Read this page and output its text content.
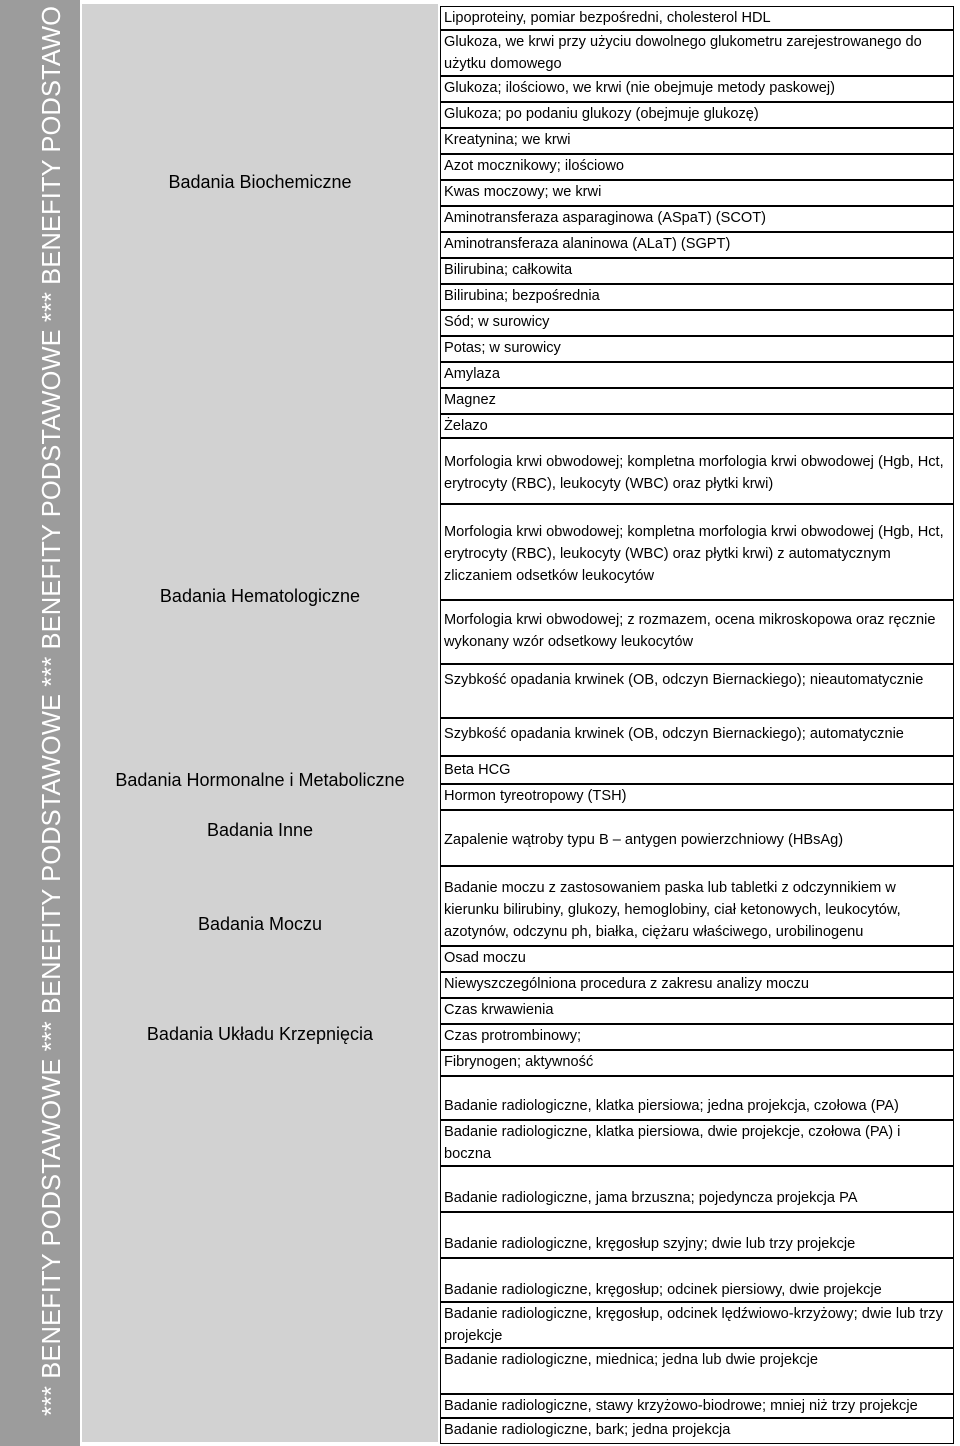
*** BENEFITY PODSTAWOWE *** BENEFITY PODSTAWOWE *** BENEFITY PODSTAWOWE *** BENEFITY PODSTAWO	Badania Biochemiczne
Badania Hematologiczne
Badania Hormonalne i Metaboliczne
Badania Inne
Badania Moczu
Badania Układu Krzepnięcia
Lipoproteiny, pomiar bezpośredni, cholesterol HDL
Glukoza, we krwi przy użyciu dowolnego glukometru zarejestrowanego do użytku domowego
Glukoza; ilościowo, we krwi (nie obejmuje metody paskowej)
Glukoza; po podaniu glukozy (obejmuje glukozę)
Kreatynina; we krwi
Azot mocznikowy; ilościowo
Kwas moczowy; we krwi
Aminotransferaza asparaginowa (ASpaT) (SCOT)
Aminotransferaza alaninowa (ALaT) (SGPT)
Bilirubina; całkowita
Bilirubina; bezpośrednia
Sód; w surowicy
Potas; w surowicy
Amylaza
Magnez
Żelazo
Morfologia krwi obwodowej; kompletna morfologia krwi obwodowej (Hgb, Hct, erytrocyty (RBC), leukocyty (WBC) oraz płytki krwi)
Morfologia krwi obwodowej; kompletna morfologia krwi obwodowej (Hgb, Hct, erytrocyty (RBC), leukocyty (WBC) oraz płytki krwi) z automatycznym zliczaniem odsetków leukocytów
Morfologia krwi obwodowej; z rozmazem, ocena mikroskopowa oraz ręcznie wykonany wzór odsetkowy leukocytów
Szybkość opadania krwinek (OB, odczyn Biernackiego); nieautomatycznie
Szybkość opadania krwinek (OB, odczyn Biernackiego); automatycznie
Beta HCG
Hormon tyreotropowy (TSH)
Zapalenie wątroby typu B – antygen powierzchniowy (HBsAg)
Badanie moczu z zastosowaniem paska lub tabletki z odczynnikiem w kierunku bilirubiny, glukozy, hemoglobiny, ciał ketonowych, leukocytów, azotynów, odczynu ph, białka, ciężaru właściwego, urobilinogenu
Osad moczu
Niewyszczególniona procedura z zakresu analizy moczu
Czas krwawienia
Czas protrombinowy;
Fibrynogen; aktywność
Badanie radiologiczne, klatka piersiowa; jedna projekcja, czołowa (PA)
Badanie radiologiczne, klatka piersiowa, dwie projekcje, czołowa (PA) i boczna
Badanie radiologiczne, jama brzuszna; pojedyncza projekcja PA
Badanie radiologiczne, kręgosłup szyjny; dwie lub trzy projekcje
Badanie radiologiczne, kręgosłup; odcinek piersiowy, dwie projekcje
Badanie radiologiczne, kręgosłup, odcinek lędźwiowo-krzyżowy; dwie lub trzy projekcje
Badanie radiologiczne, miednica; jedna lub dwie projekcje
Badanie radiologiczne, stawy krzyżowo-biodrowe; mniej niż trzy projekcje
Badanie radiologiczne, bark; jedna projekcja
